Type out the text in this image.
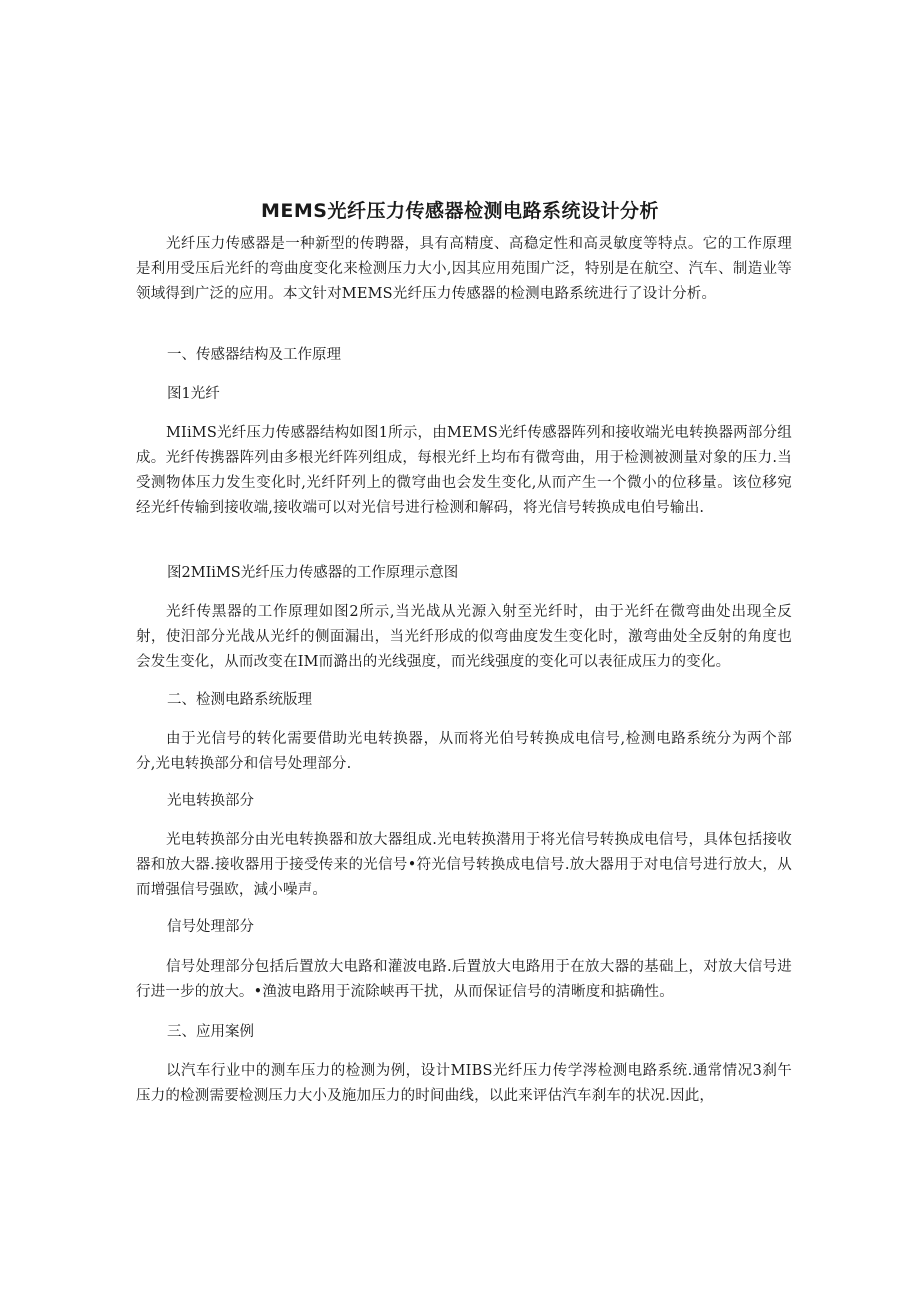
MEMS光纤压力传感器检测电路系统设计分析

光纤压力传感器是一种新型的传聘器，具有高精度、高稳定性和高灵敏度等特点。它的工作原理是利用受压后光纤的弯曲度变化来检测压力大小,因其应用苑围广泛，特别是在航空、汽车、制造业等领域得到广泛的应用。本文针对MEMS光纤压力传感器的检测电路系统进行了设计分析。

一、传感器结构及工作原理

图1光纤

MIiMS光纤压力传感器结构如图1所示，由MEMS光纤传感器阵列和接收端光电转换器两部分组成。光纤传携器阵列由多根光纤阵列组成，每根光纤上均布有微弯曲，用于检测被测量对象的压力.当受测物体压力发生变化时,光纤阡列上的微穹曲也会发生变化,从而产生一个微小的位移量。该位移宛经光纤传输到接收端,接收端可以对光信号进行检测和解码，将光信号转换成电伯号输出.

图2MIiMS光纤压力传感器的工作原理示意图

光纤传黑器的工作原理如图2所示,当光战从光源入射至光纤时，由于光纤在微弯曲处出现全反射，使汨部分光战从光纤的侧面漏出，当光纤形成的似弯曲度发生变化时，激弯曲处全反射的角度也会发生变化，从而改变在IM而潞出的光线强度，而光线强度的变化可以表征成压力的变化。

二、检测电路系统版理

由于光信号的转化需要借助光电转换器，从而将光伯号转换成电信号,检测电路系统分为两个部分,光电转换部分和信号处理部分.

光电转换部分

光电转换部分由光电转换器和放大器组成.光电转换潜用于将光信号转换成电信号，具体包括接收器和放大器.接收器用于接受传来的光信号•符光信号转换成电信号.放大器用于对电信号进行放大，从而增强信号强欧，減小噪声。

信号处理部分

信号处理部分包括后置放大电路和灌波电路.后置放大电路用于在放大器的基础上，对放大信号进行进一步的放大。•渔波电路用于流除峡再干扰，从而保证信号的清晰度和掂确性。

三、应用案例

以汽车行业中的测车压力的检测为例，设计MIBS光纤压力传学涔检测电路系统.通常情况3刹午压力的检测需要检测压力大小及施加压力的时间曲线，以此来评估汽车刹车的状况.因此，
